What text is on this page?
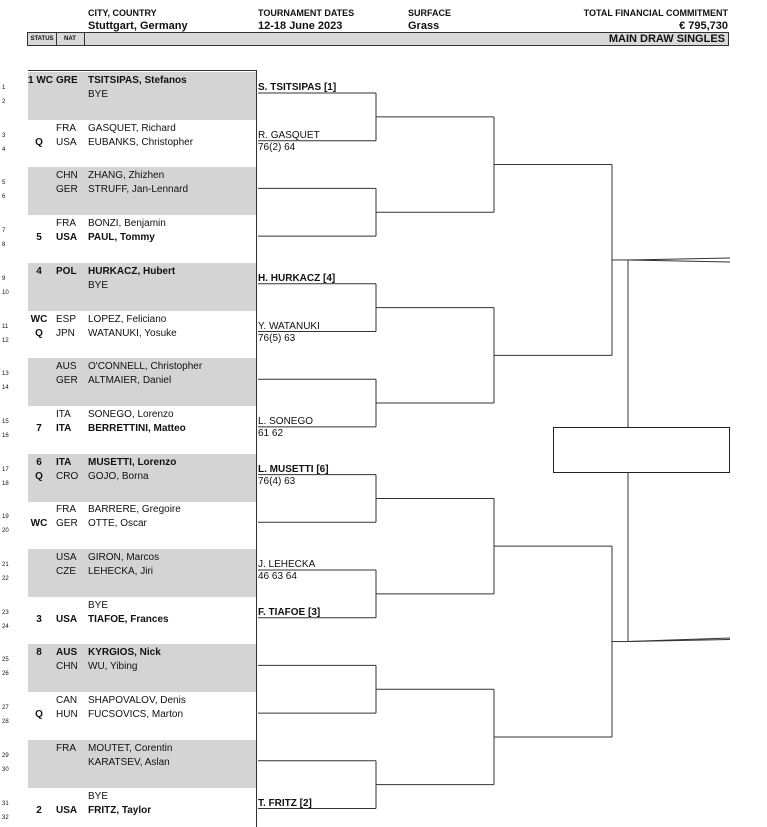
CITY, COUNTRY
Stuttgart, Germany
TOURNAMENT DATES
12-18 June 2023
SURFACE
Grass
TOTAL FINANCIAL COMMITMENT
€ 795,730
STATUS	NAT	MAIN DRAW SINGLES
1
1 WC GRE	TSITSIPAS, Stefanos
2
BYE
3
FRA	GASQUET, Richard
4
Q	USA	EUBANKS, Christopher
5
CHN	ZHANG, Zhizhen
6
GER	STRUFF, Jan-Lennard
7
FRA	BONZI, Benjamin
8
5	USA	PAUL, Tommy
9
4	POL	HURKACZ, Hubert
10
BYE
11
WC ESP	LOPEZ, Feliciano
12
Q	JPN	WATANUKI, Yosuke
13
AUS	O'CONNELL, Christopher
14
GER	ALTMAIER, Daniel
15
ITA	SONEGO, Lorenzo
16
7	ITA	BERRETTINI, Matteo
17
6	ITA	MUSETTI, Lorenzo
18
Q	CRO GOJO, Borna
19
FRA	BARRERE, Gregoire
20
WC GER	OTTE, Oscar
21
USA	GIRON, Marcos
22
CZE	LEHECKA, Jiri
23
BYE
24
3	USA	TIAFOE, Frances
25
8	AUS	KYRGIOS, Nick
26
CHN	WU, Yibing
27
CAN	SHAPOVALOV, Denis
28
Q	HUN	FUCSOVICS, Marton
29
FRA	MOUTET, Corentin
30
KARATSEV, Aslan
31
BYE
32
2	USA	FRITZ, Taylor
S. TSITSIPAS [1]
R. GASQUET
76(2) 64
H. HURKACZ [4]
Y. WATANUKI
76(5) 63
L. SONEGO
61 62
L. MUSETTI [6]
76(4) 63
J. LEHECKA
46 63 64
F. TIAFOE [3]
T. FRITZ [2]
